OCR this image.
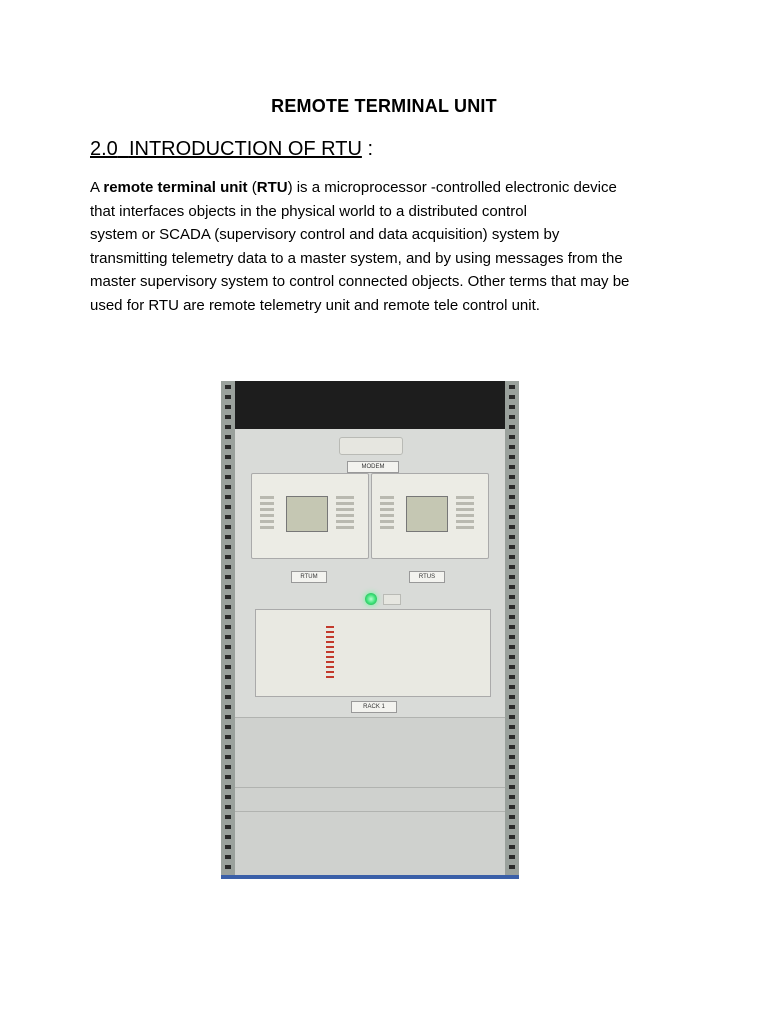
REMOTE TERMINAL UNIT
2.0 INTRODUCTION OF RTU :
A remote terminal unit (RTU) is a microprocessor -controlled electronic device
that interfaces objects in the physical world to a distributed control
system or SCADA (supervisory control and data acquisition) system by
transmitting telemetry data to a master system, and by using messages from the
master supervisory system to control connected objects. Other terms that may be
used for RTU are remote telemetry unit and remote tele control unit.
MODEM
RTUM	RTUS
RACK 1
